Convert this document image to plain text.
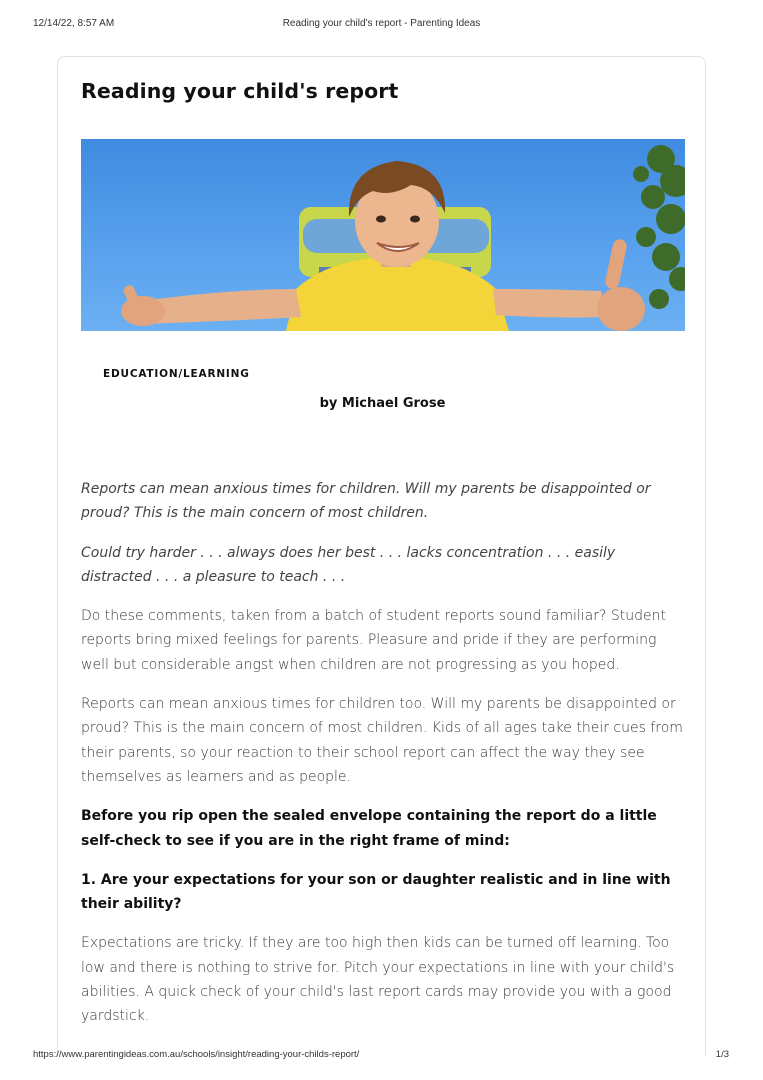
12/14/22, 8:57 AM	Reading your child's report - Parenting Ideas
Reading your child's report
EDUCATION/LEARNING
by Michael Grose

Reports can mean anxious times for children. Will my parents be disappointed or proud? This is the main concern of most children.

Could try harder . . . always does her best . . . lacks concentration . . . easily distracted . . . a pleasure to teach . . .

Do these comments, taken from a batch of student reports sound familiar? Student reports bring mixed feelings for parents. Pleasure and pride if they are performing well but considerable angst when children are not progressing as you hoped.

Reports can mean anxious times for children too. Will my parents be disappointed or proud? This is the main concern of most children. Kids of all ages take their cues from their parents, so your reaction to their school report can affect the way they see themselves as learners and as people.

Before you rip open the sealed envelope containing the report do a little self-check to see if you are in the right frame of mind:

1. Are your expectations for your son or daughter realistic and in line with their ability?

Expectations are tricky. If they are too high then kids can be turned off learning. Too low and there is nothing to strive for. Pitch your expectations in line with your child's abilities. A quick check of your child's last report cards may provide you with a good yardstick.

https://www.parentingideas.com.au/schools/insight/reading-your-childs-report/	1/3
